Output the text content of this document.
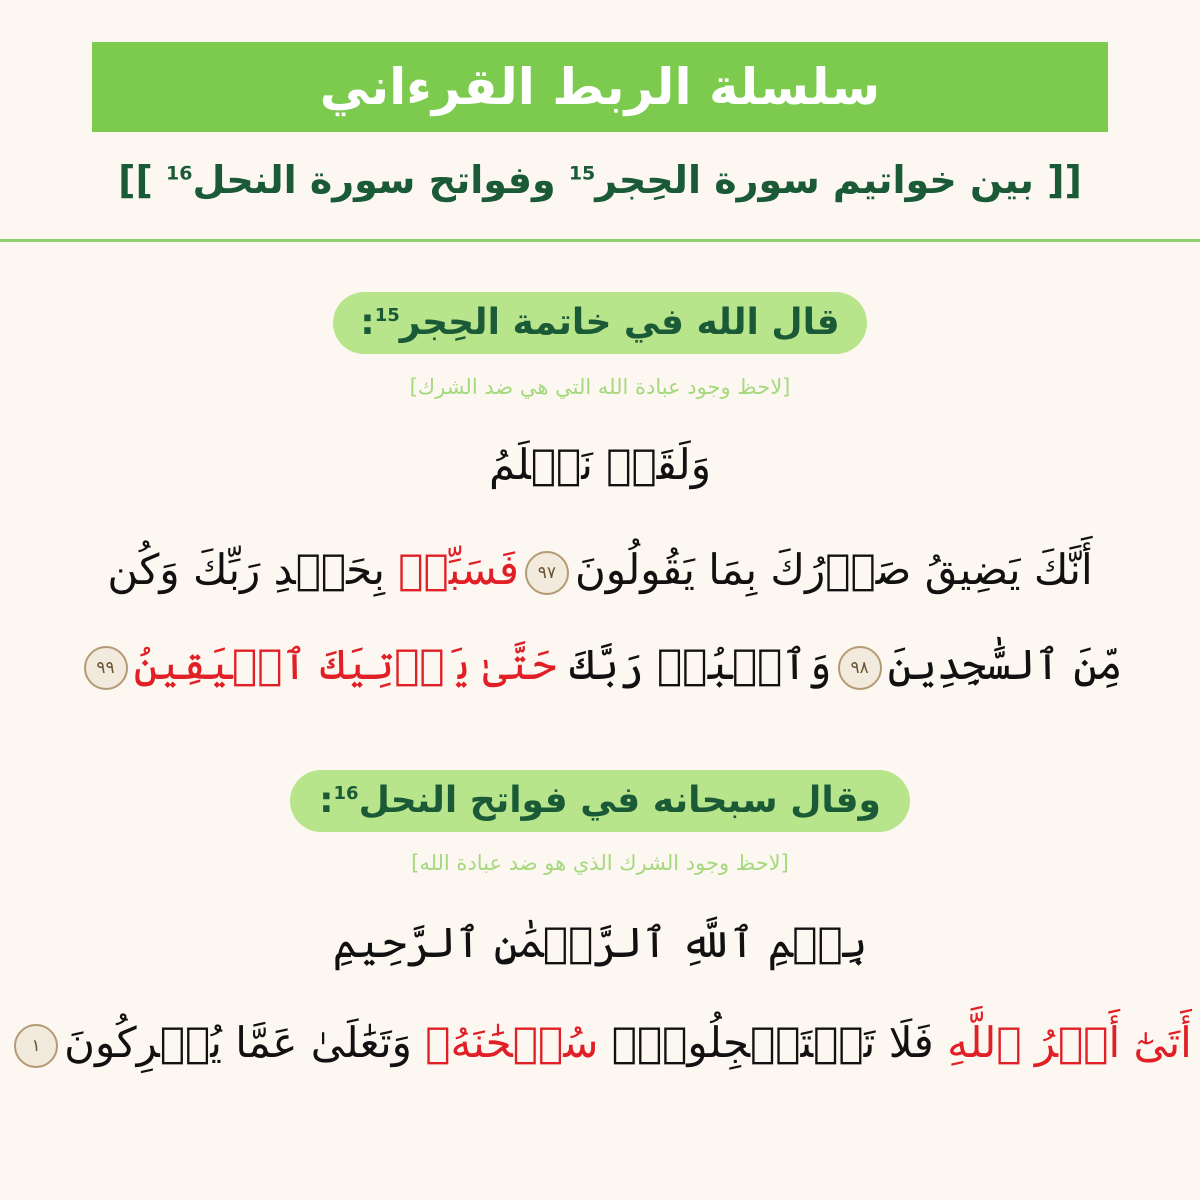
سلسلة الربط القرءاني
[[ بين خواتيم سورة الحِجر$^{15}$ وفواتح سورة النحل$^{16}$ ]]
قال الله في خاتمة الحِجر$^{15}$:
[لاحظ وجود عبادة الله التي هي ضد الشرك]
وَلَقَدۡ نَعۡلَمُ
أَنَّكَ يَضِيقُ صَدۡرُكَ بِمَا يَقُولُونَ٩٧فَسَبِّحۡ بِحَمۡدِ رَبِّكَ وَكُن
مِّنَ ٱلسَّٰجِدِينَ٩٨وَٱعۡبُدۡ رَبَّكَ حَتَّىٰ يَأۡتِيَكَ ٱلۡيَقِينُ٩٩
وقال سبحانه في فواتح النحل$^{16}$:
[لاحظ وجود الشرك الذي هو ضد عبادة الله]
بِسۡمِ ٱللَّهِ ٱلرَّحۡمَٰنِ ٱلرَّحِيمِ
أَتَىٰٓ أَمۡرُ ٱللَّهِ فَلَا تَسۡتَعۡجِلُوهُۚ سُبۡحَٰنَهُۥ وَتَعَٰلَىٰ عَمَّا يُشۡرِكُونَ١
